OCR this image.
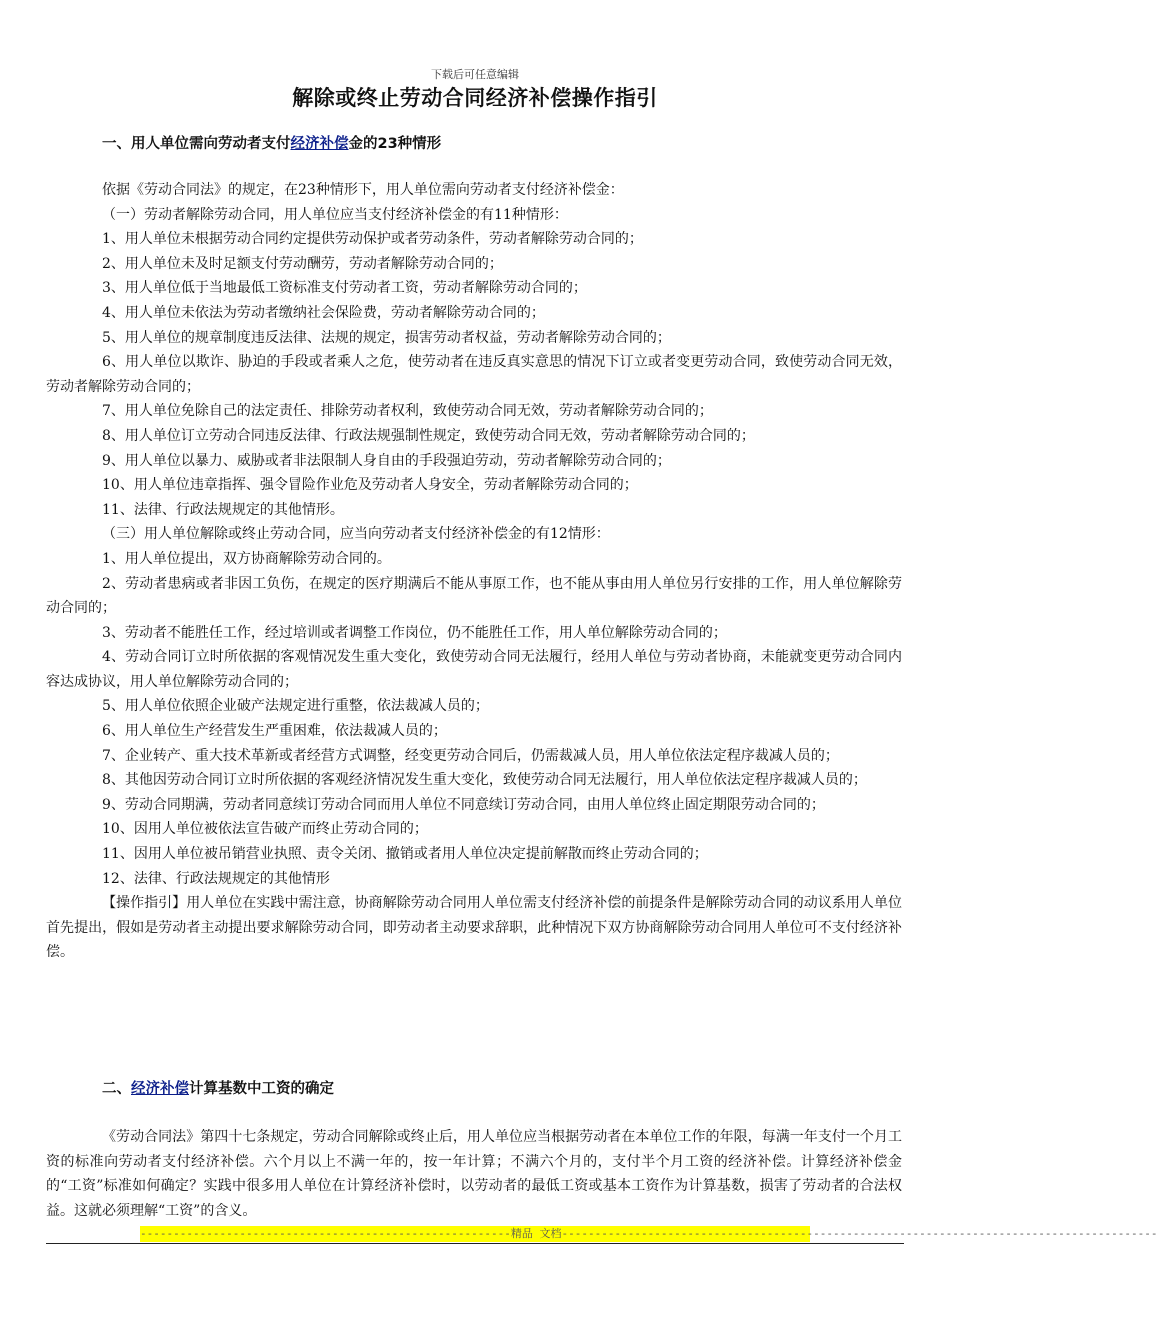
下载后可任意编辑
解除或终止劳动合同经济补偿操作指引
一、用人单位需向劳动者支付经济补偿金的23种情形

依据《劳动合同法》的规定，在23种情形下，用人单位需向劳动者支付经济补偿金：

（一）劳动者解除劳动合同，用人单位应当支付经济补偿金的有11种情形：

1、用人单位未根据劳动合同约定提供劳动保护或者劳动条件，劳动者解除劳动合同的；

2、用人单位未及时足额支付劳动酬劳，劳动者解除劳动合同的；

3、用人单位低于当地最低工资标准支付劳动者工资，劳动者解除劳动合同的；

4、用人单位未依法为劳动者缴纳社会保险费，劳动者解除劳动合同的；

5、用人单位的规章制度违反法律、法规的规定，损害劳动者权益，劳动者解除劳动合同的；

6、用人单位以欺诈、胁迫的手段或者乘人之危，使劳动者在违反真实意思的情况下订立或者变更劳动合同，致使劳动合同无效，劳动者解除劳动合同的；

7、用人单位免除自己的法定责任、排除劳动者权利，致使劳动合同无效，劳动者解除劳动合同的；

8、用人单位订立劳动合同违反法律、行政法规强制性规定，致使劳动合同无效，劳动者解除劳动合同的；

9、用人单位以暴力、威胁或者非法限制人身自由的手段强迫劳动，劳动者解除劳动合同的；

10、用人单位违章指挥、强令冒险作业危及劳动者人身安全，劳动者解除劳动合同的；

11、法律、行政法规规定的其他情形。

（三）用人单位解除或终止劳动合同，应当向劳动者支付经济补偿金的有12情形：

1、用人单位提出，双方协商解除劳动合同的。

2、劳动者患病或者非因工负伤，在规定的医疗期满后不能从事原工作，也不能从事由用人单位另行安排的工作，用人单位解除劳动合同的；

3、劳动者不能胜任工作，经过培训或者调整工作岗位，仍不能胜任工作，用人单位解除劳动合同的；

4、劳动合同订立时所依据的客观情况发生重大变化，致使劳动合同无法履行，经用人单位与劳动者协商，未能就变更劳动合同内容达成协议，用人单位解除劳动合同的；

5、用人单位依照企业破产法规定进行重整，依法裁减人员的；

6、用人单位生产经营发生严重困难，依法裁减人员的；

7、企业转产、重大技术革新或者经营方式调整，经变更劳动合同后，仍需裁减人员，用人单位依法定程序裁减人员的；

8、其他因劳动合同订立时所依据的客观经济情况发生重大变化，致使劳动合同无法履行，用人单位依法定程序裁减人员的；

9、劳动合同期满，劳动者同意续订劳动合同而用人单位不同意续订劳动合同，由用人单位终止固定期限劳动合同的；

10、因用人单位被依法宣告破产而终止劳动合同的；

11、因用人单位被吊销营业执照、责令关闭、撤销或者用人单位决定提前解散而终止劳动合同的；

12、法律、行政法规规定的其他情形

【操作指引】用人单位在实践中需注意，协商解除劳动合同用人单位需支付经济补偿的前提条件是解除劳动合同的动议系用人单位首先提出，假如是劳动者主动提出要求解除劳动合同，即劳动者主动要求辞职，此种情况下双方协商解除劳动合同用人单位可不支付经济补偿。

二、经济补偿计算基数中工资的确定

《劳动合同法》第四十七条规定，劳动合同解除或终止后，用人单位应当根据劳动者在本单位工作的年限，每满一年支付一个月工资的标准向劳动者支付经济补偿。六个月以上不满一年的，按一年计算；不满六个月的，支付半个月工资的经济补偿。计算经济补偿金的“工资”标准如何确定？实践中很多用人单位在计算经济补偿时，以劳动者的最低工资或基本工资作为计算基数，损害了劳动者的合法权益。这就必须理解“工资”的含义。

--------------------------------------------------------精品 文档------------------------------------------------------------------------------------------
